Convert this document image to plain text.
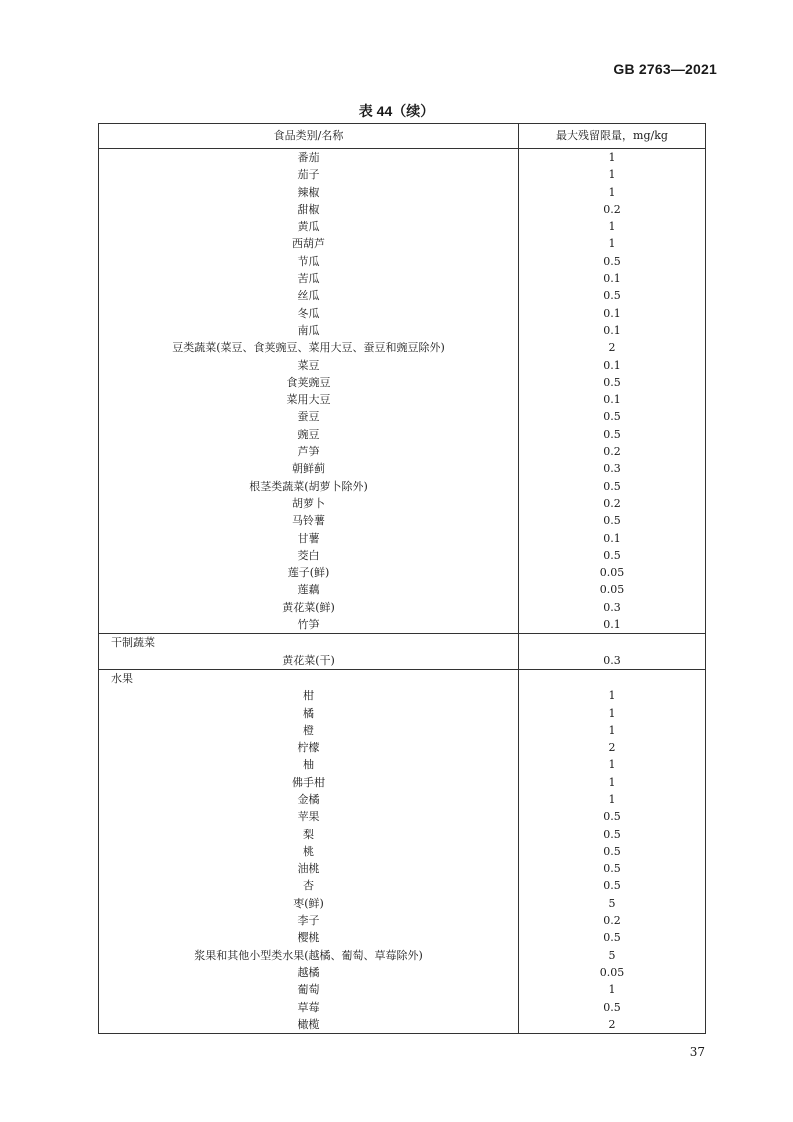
GB 2763—2021
表 44（续）
食品类别/名称	最大残留限量，mg/kg
番茄	1
茄子	1
辣椒	1
甜椒	0.2
黄瓜	1
西葫芦	1
节瓜	0.5
苦瓜	0.1
丝瓜	0.5
冬瓜	0.1
南瓜	0.1
豆类蔬菜(菜豆、食荚豌豆、菜用大豆、蚕豆和豌豆除外)	2
菜豆	0.1
食荚豌豆	0.5
菜用大豆	0.1
蚕豆	0.5
豌豆	0.5
芦笋	0.2
朝鲜蓟	0.3
根茎类蔬菜(胡萝卜除外)	0.5
胡萝卜	0.2
马铃薯	0.5
甘薯	0.1
茭白	0.5
莲子(鲜)	0.05
莲藕	0.05
黄花菜(鲜)	0.3
竹笋	0.1
干制蔬菜
黄花菜(干)	0.3
水果
柑	1
橘	1
橙	1
柠檬	2
柚	1
佛手柑	1
金橘	1
苹果	0.5
梨	0.5
桃	0.5
油桃	0.5
杏	0.5
枣(鲜)	5
李子	0.2
樱桃	0.5
浆果和其他小型类水果(越橘、葡萄、草莓除外)	5
越橘	0.05
葡萄	1
草莓	0.5
橄榄	2
37
